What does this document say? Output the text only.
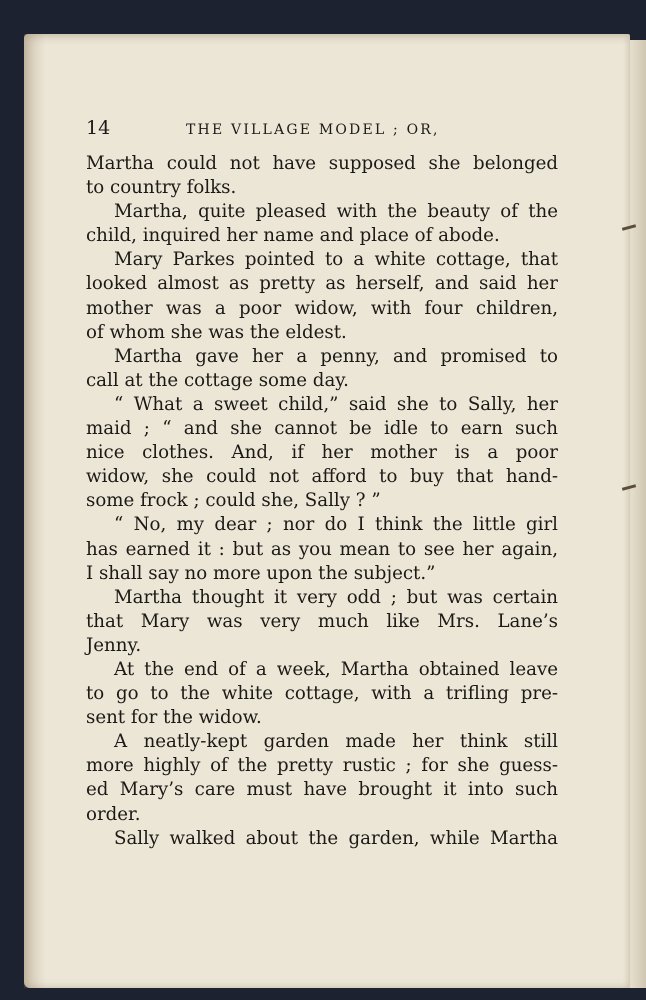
14	THE VILLAGE MODEL ; OR,
Martha could not have supposed she belonged
to country folks.
Martha, quite pleased with the beauty of the
child, inquired her name and place of abode.
Mary Parkes pointed to a white cottage, that
looked almost as pretty as herself, and said her
mother was a poor widow, with four children,
of whom she was the eldest.
Martha gave her a penny, and promised to
call at the cottage some day.
“ What a sweet child,” said she to Sally, her
maid ; “ and she cannot be idle to earn such
nice clothes. And, if her mother is a poor
widow, she could not afford to buy that hand-
some frock ; could she, Sally ? ”
“ No, my dear ; nor do I think the little girl
has earned it : but as you mean to see her again,
I shall say no more upon the subject.”
Martha thought it very odd ; but was certain
that Mary was very much like Mrs. Lane’s
Jenny.
At the end of a week, Martha obtained leave
to go to the white cottage, with a trifling pre-
sent for the widow.
A neatly-kept garden made her think still
more highly of the pretty rustic ; for she guess-
ed Mary’s care must have brought it into such
order.
Sally walked about the garden, while Martha
